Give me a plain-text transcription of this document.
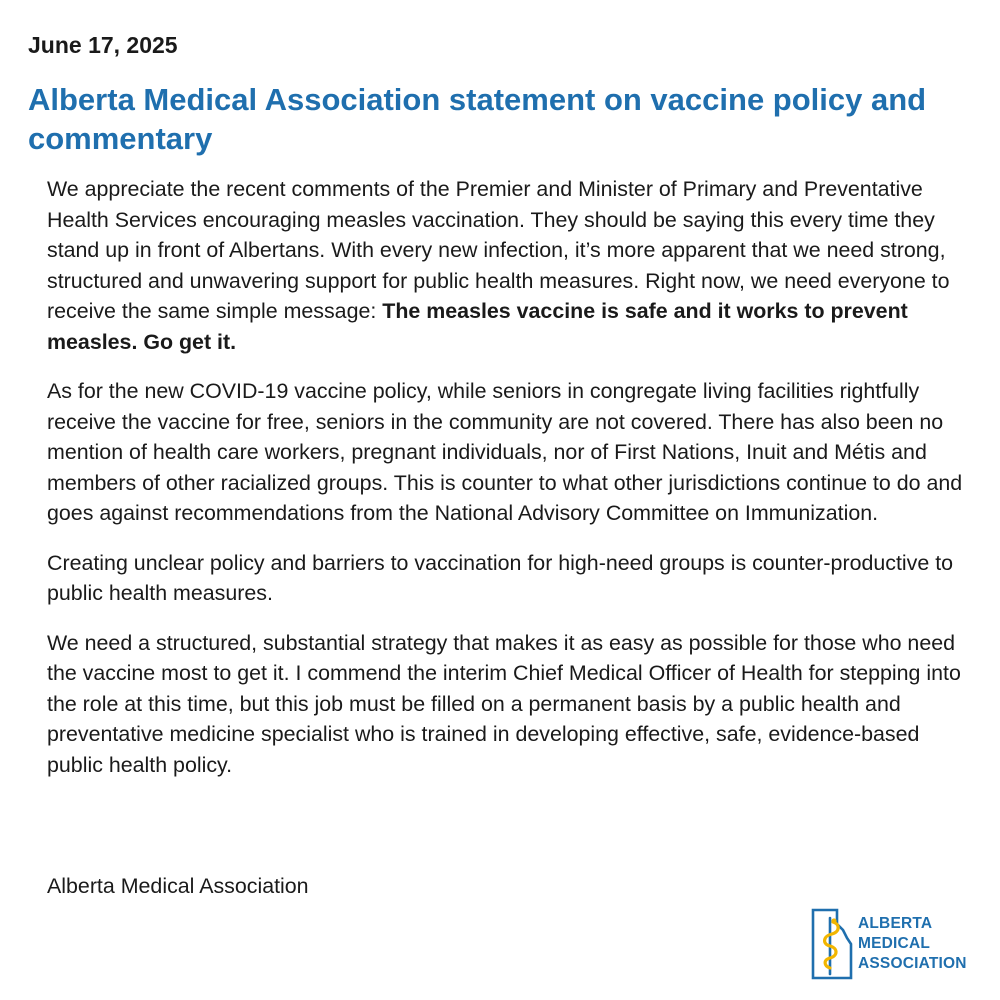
June 17, 2025
Alberta Medical Association statement on vaccine policy and commentary

We appreciate the recent comments of the Premier and Minister of Primary and Preventative Health Services encouraging measles vaccination. They should be saying this every time they stand up in front of Albertans. With every new infection, it’s more apparent that we need strong, structured and unwavering support for public health measures. Right now, we need everyone to receive the same simple message: The measles vaccine is safe and it works to prevent measles. Go get it.

As for the new COVID-19 vaccine policy, while seniors in congregate living facilities rightfully receive the vaccine for free, seniors in the community are not covered. There has also been no mention of health care workers, pregnant individuals, nor of First Nations, Inuit and Métis and members of other racialized groups. This is counter to what other jurisdictions continue to do and goes against recommendations from the National Advisory Committee on Immunization.

Creating unclear policy and barriers to vaccination for high-need groups is counter-productive to public health measures.

We need a structured, substantial strategy that makes it as easy as possible for those who need the vaccine most to get it. I commend the interim Chief Medical Officer of Health for stepping into the role at this time, but this job must be filled on a permanent basis by a public health and preventative medicine specialist who is trained in developing effective, safe, evidence-based public health policy.

Alberta Medical Association
ALBERTA
MEDICAL
ASSOCIATION
